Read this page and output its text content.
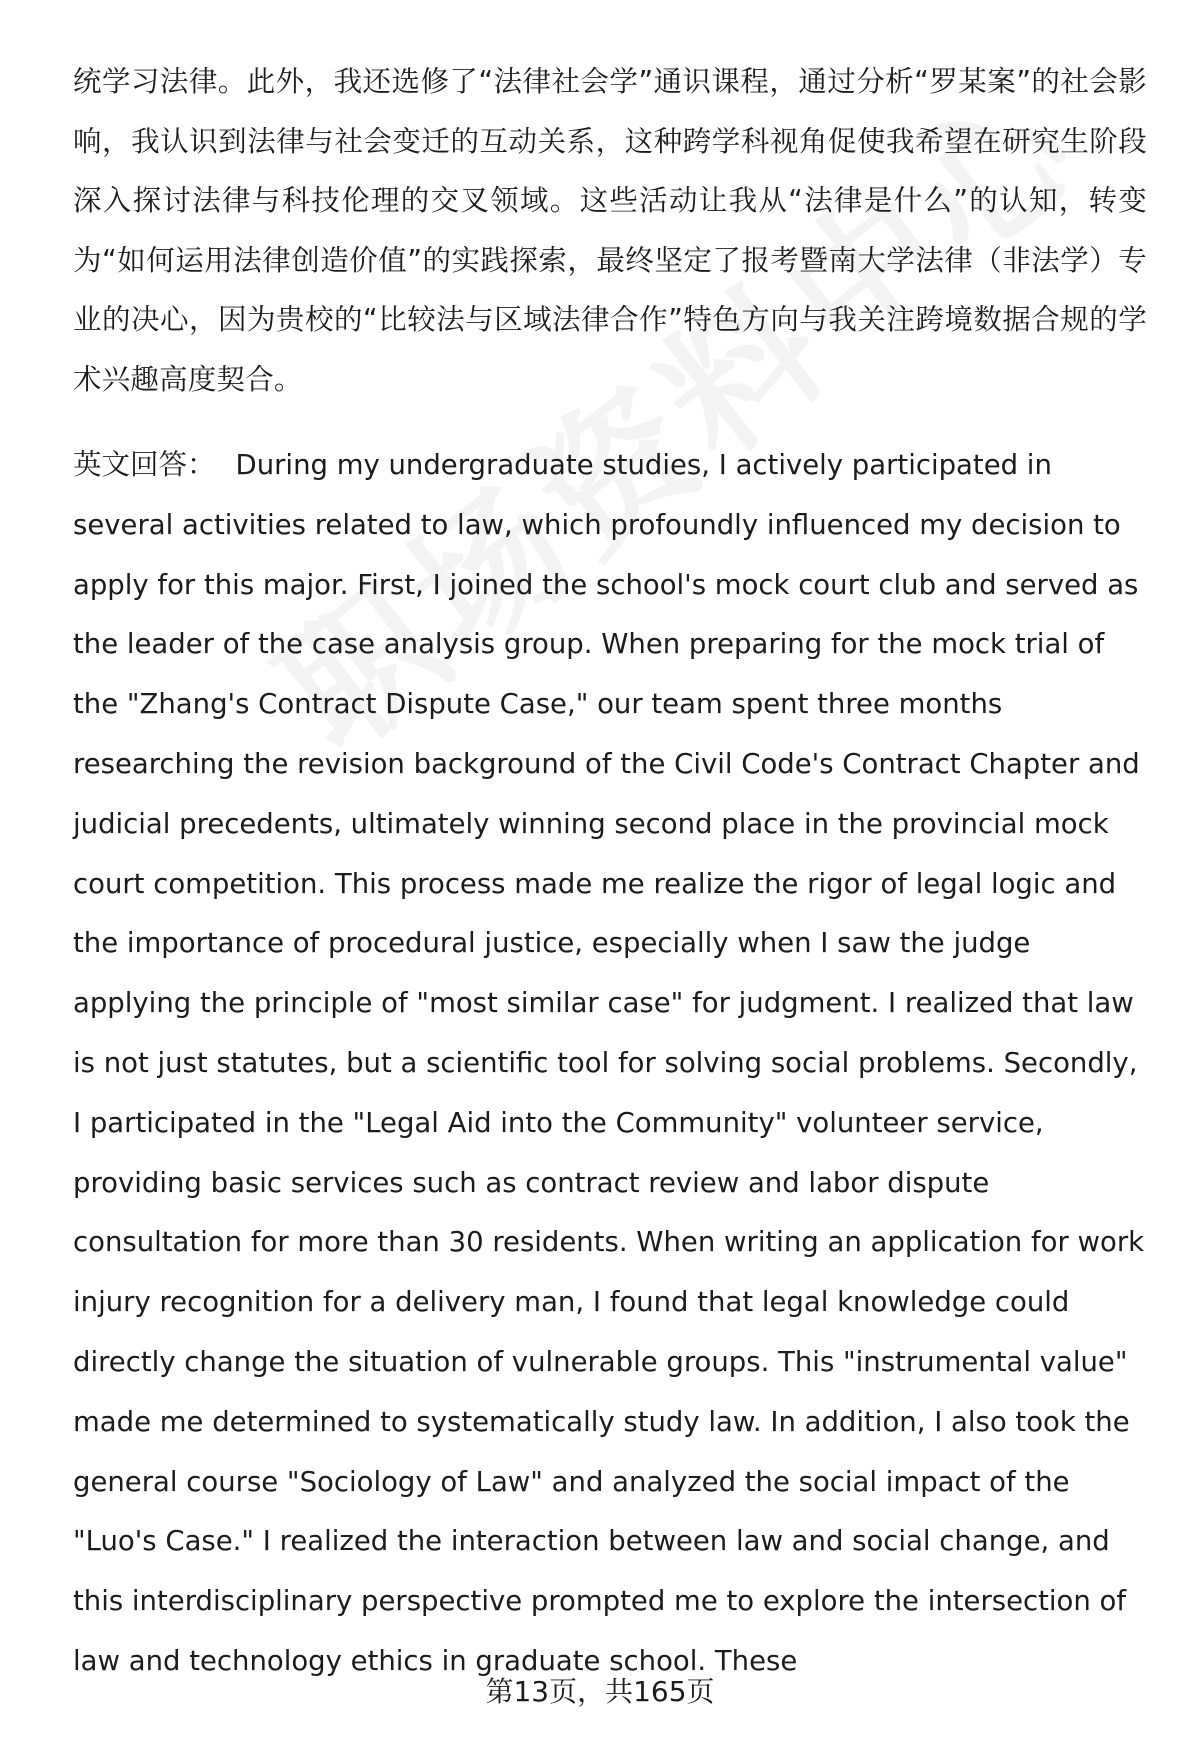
统学习法律。此外，我还选修了“法律社会学”通识课程，通过分析“罗某案”的社会影响，我认识到法律与社会变迁的互动关系，这种跨学科视角促使我希望在研究生阶段深入探讨法律与科技伦理的交叉领域。这些活动让我从“法律是什么”的认知，转变为“如何运用法律创造价值”的实践探索，最终坚定了报考暨南大学法律（非法学）专业的决心，因为贵校的“比较法与区域法律合作”特色方向与我关注跨境数据合规的学术兴趣高度契合。

英文回答： During my undergraduate studies, I actively participated in several activities related to law, which profoundly influenced my decision to apply for this major. First, I joined the school's mock court club and served as the leader of the case analysis group. When preparing for the mock trial of the "Zhang's Contract Dispute Case," our team spent three months researching the revision background of the Civil Code's Contract Chapter and judicial precedents, ultimately winning second place in the provincial mock court competition. This process made me realize the rigor of legal logic and the importance of procedural justice, especially when I saw the judge applying the principle of "most similar case" for judgment. I realized that law is not just statutes, but a scientific tool for solving social problems. Secondly, I participated in the "Legal Aid into the Community" volunteer service, providing basic services such as contract review and labor dispute consultation for more than 30 residents. When writing an application for work injury recognition for a delivery man, I found that legal knowledge could directly change the situation of vulnerable groups. This "instrumental value" made me determined to systematically study law. In addition, I also took the general course "Sociology of Law" and analyzed the social impact of the "Luo's Case." I realized the interaction between law and social change, and this interdisciplinary perspective prompted me to explore the intersection of law and technology ethics in graduate school. These

第13页，共165页
